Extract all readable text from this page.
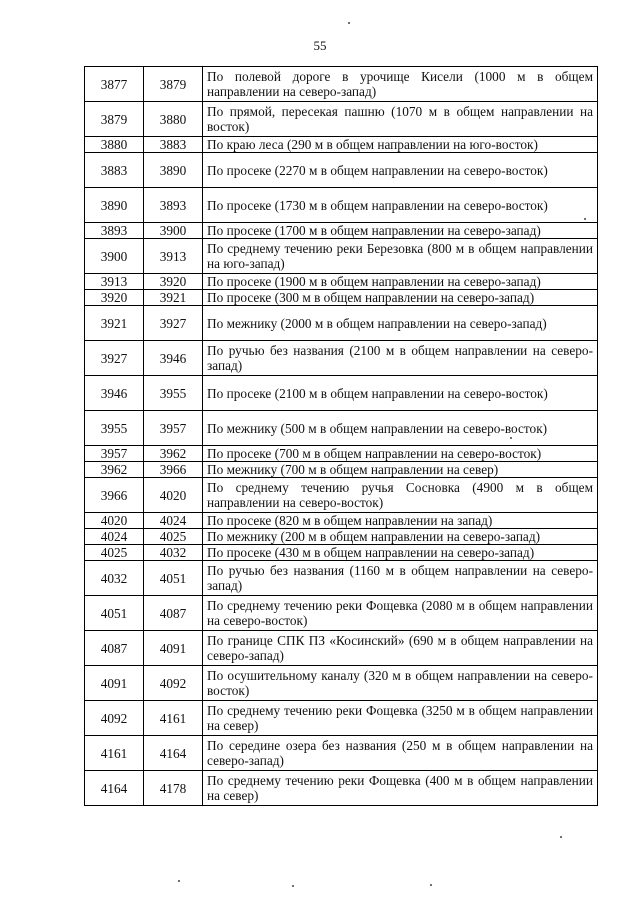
55
3877	3879	По полевой дороге в урочище Кисели (1000 м в общем направлении на северо-запад)
3879	3880	По прямой, пересекая пашню (1070 м в общем направлении на восток)
3880	3883	По краю леса (290 м в общем направлении на юго-восток)
3883	3890	По просеке (2270 м в общем направлении на северо-восток)
3890	3893	По просеке (1730 м в общем направлении на северо-восток)
3893	3900	По просеке (1700 м в общем направлении на северо-запад)
3900	3913	По среднему течению реки Березовка (800 м в общем направлении на юго-запад)
3913	3920	По просеке (1900 м в общем направлении на северо-запад)
3920	3921	По просеке (300 м в общем направлении на северо-запад)
3921	3927	По межнику (2000 м в общем направлении на северо-запад)
3927	3946	По ручью без названия (2100 м в общем направлении на северо-запад)
3946	3955	По просеке (2100 м в общем направлении на северо-восток)
3955	3957	По межнику (500 м в общем направлении на северо-восток)
3957	3962	По просеке (700 м в общем направлении на северо-восток)
3962	3966	По межнику (700 м в общем направлении на север)
3966	4020	По среднему течению ручья Сосновка (4900 м в общем направлении на северо-восток)
4020	4024	По просеке (820 м в общем направлении на запад)
4024	4025	По межнику (200 м в общем направлении на северо-запад)
4025	4032	По просеке (430 м в общем направлении на северо-запад)
4032	4051	По ручью без названия (1160 м в общем направлении на северо-запад)
4051	4087	По среднему течению реки Фощевка (2080 м в общем направлении на северо-восток)
4087	4091	По границе СПК ПЗ «Косинский» (690 м в общем направлении на северо-запад)
4091	4092	По осушительному каналу (320 м в общем направлении на северо-восток)
4092	4161	По среднему течению реки Фощевка (3250 м в общем направлении на север)
4161	4164	По середине озера без названия (250 м в общем направлении на северо-запад)
4164	4178	По среднему течению реки Фощевка (400 м в общем направлении на север)
